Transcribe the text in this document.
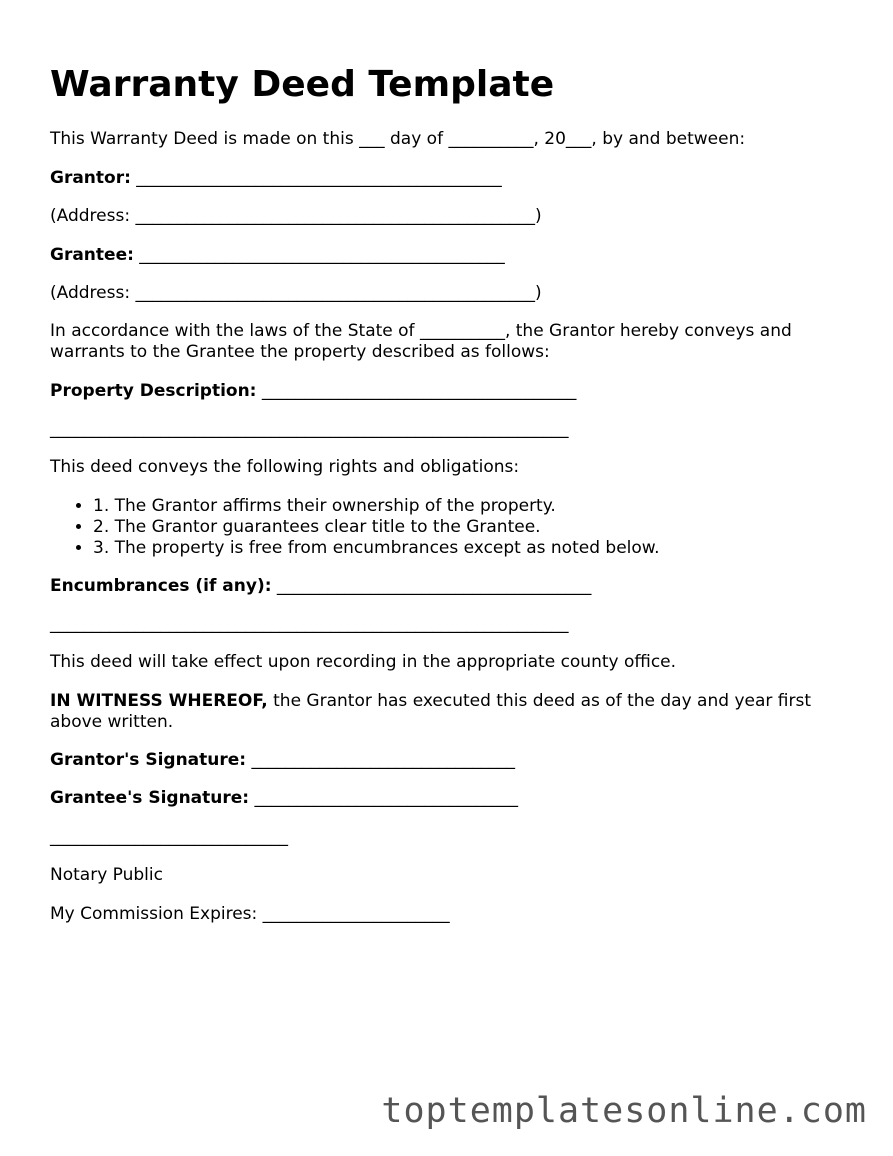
Warranty Deed Template
This Warranty Deed is made on this ___ day of __________, 20___, by and between:
Grantor: ___________________________________________
(Address: _______________________________________________)
Grantee: ___________________________________________
(Address: _______________________________________________)
In accordance with the laws of the State of __________, the Grantor hereby conveys and warrants to the Grantee the property described as follows:
Property Description: _____________________________________
_____________________________________________________________
This deed conveys the following rights and obligations:
• 1. The Grantor affirms their ownership of the property.
• 2. The Grantor guarantees clear title to the Grantee.
• 3. The property is free from encumbrances except as noted below.
Encumbrances (if any): _____________________________________
_____________________________________________________________
This deed will take effect upon recording in the appropriate county office.
IN WITNESS WHEREOF, the Grantor has executed this deed as of the day and year first above written.
Grantor's Signature: _______________________________
Grantee's Signature: _______________________________
____________________________
Notary Public
My Commission Expires: ______________________
toptemplatesonline.com
